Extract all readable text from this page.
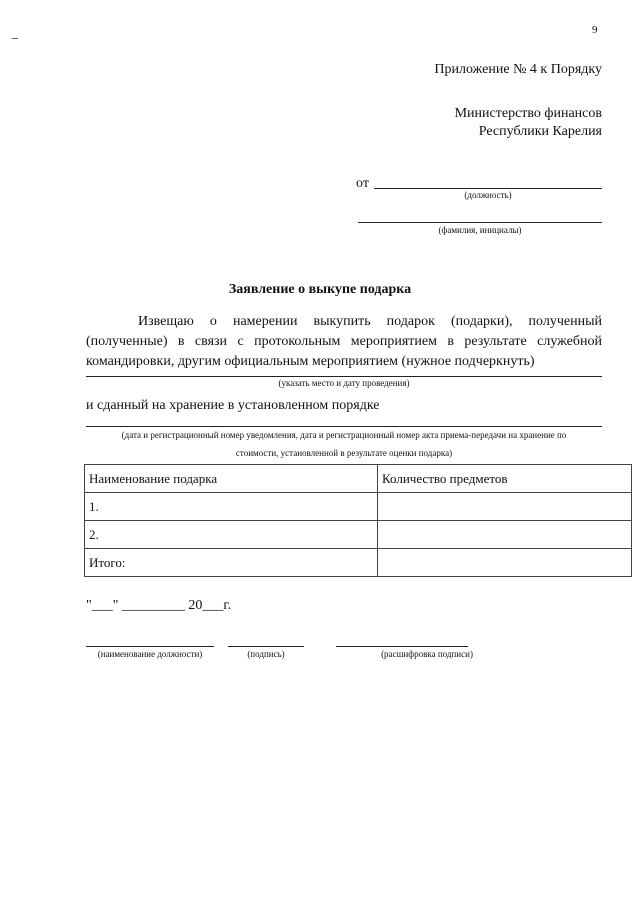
9
Приложение № 4 к Порядку
Министерство финансов
Республики Карелия
от
(должность)
(фамилия, инициалы)
Заявление о выкупе подарка
Извещаю о намерении выкупить подарок (подарки), полученный (полученные) в связи с протокольным мероприятием в результате служебной командировки, другим официальным мероприятием (нужное подчеркнуть)
(указать место и дату проведения)
и сданный на хранение в установленном порядке
(дата и регистрационный номер уведомления, дата и регистрационный номер акта приема-передачи на хранение по
стоимости, установленной в результате оценки подарка)
Наименование подарка	Количество предметов
1.	
2.	
Итого:	
"___" _________ 20___г.
(наименование должности)	(подпись)	(расшифровка подписи)
